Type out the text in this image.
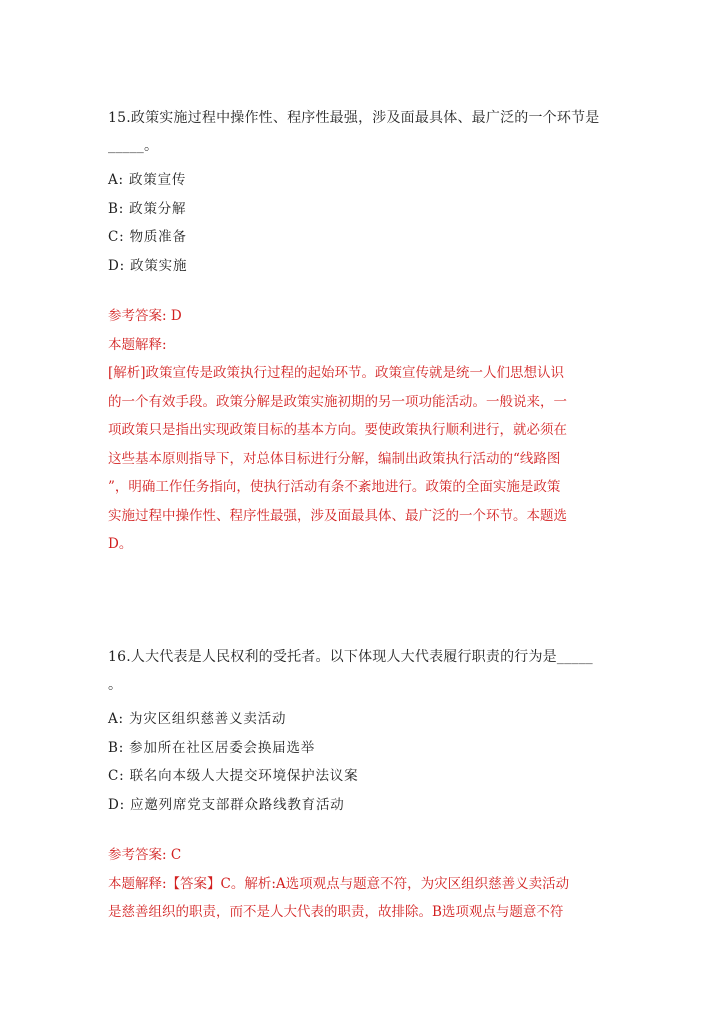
15.政策实施过程中操作性、程序性最强，涉及面最具体、最广泛的一个环节是
_____。

A: 政策宣传
B: 政策分解
C: 物质准备
D: 政策实施

参考答案: D

本题解释:

[解析]政策宣传是政策执行过程的起始环节。政策宣传就是统一人们思想认识
的一个有效手段。政策分解是政策实施初期的另一项功能活动。一般说来，一
项政策只是指出实现政策目标的基本方向。要使政策执行顺利进行，就必须在
这些基本原则指导下，对总体目标进行分解，编制出政策执行活动的“线路图
”，明确工作任务指向，使执行活动有条不紊地进行。政策的全面实施是政策
实施过程中操作性、程序性最强，涉及面最具体、最广泛的一个环节。本题选
D。

16.人大代表是人民权利的受托者。以下体现人大代表履行职责的行为是_____
。

A: 为灾区组织慈善义卖活动
B: 参加所在社区居委会换届选举
C: 联名向本级人大提交环境保护法议案
D: 应邀列席党支部群众路线教育活动

参考答案: C

本题解释:【答案】C。解析:A选项观点与题意不符，为灾区组织慈善义卖活动
是慈善组织的职责，而不是人大代表的职责，故排除。B选项观点与题意不符
